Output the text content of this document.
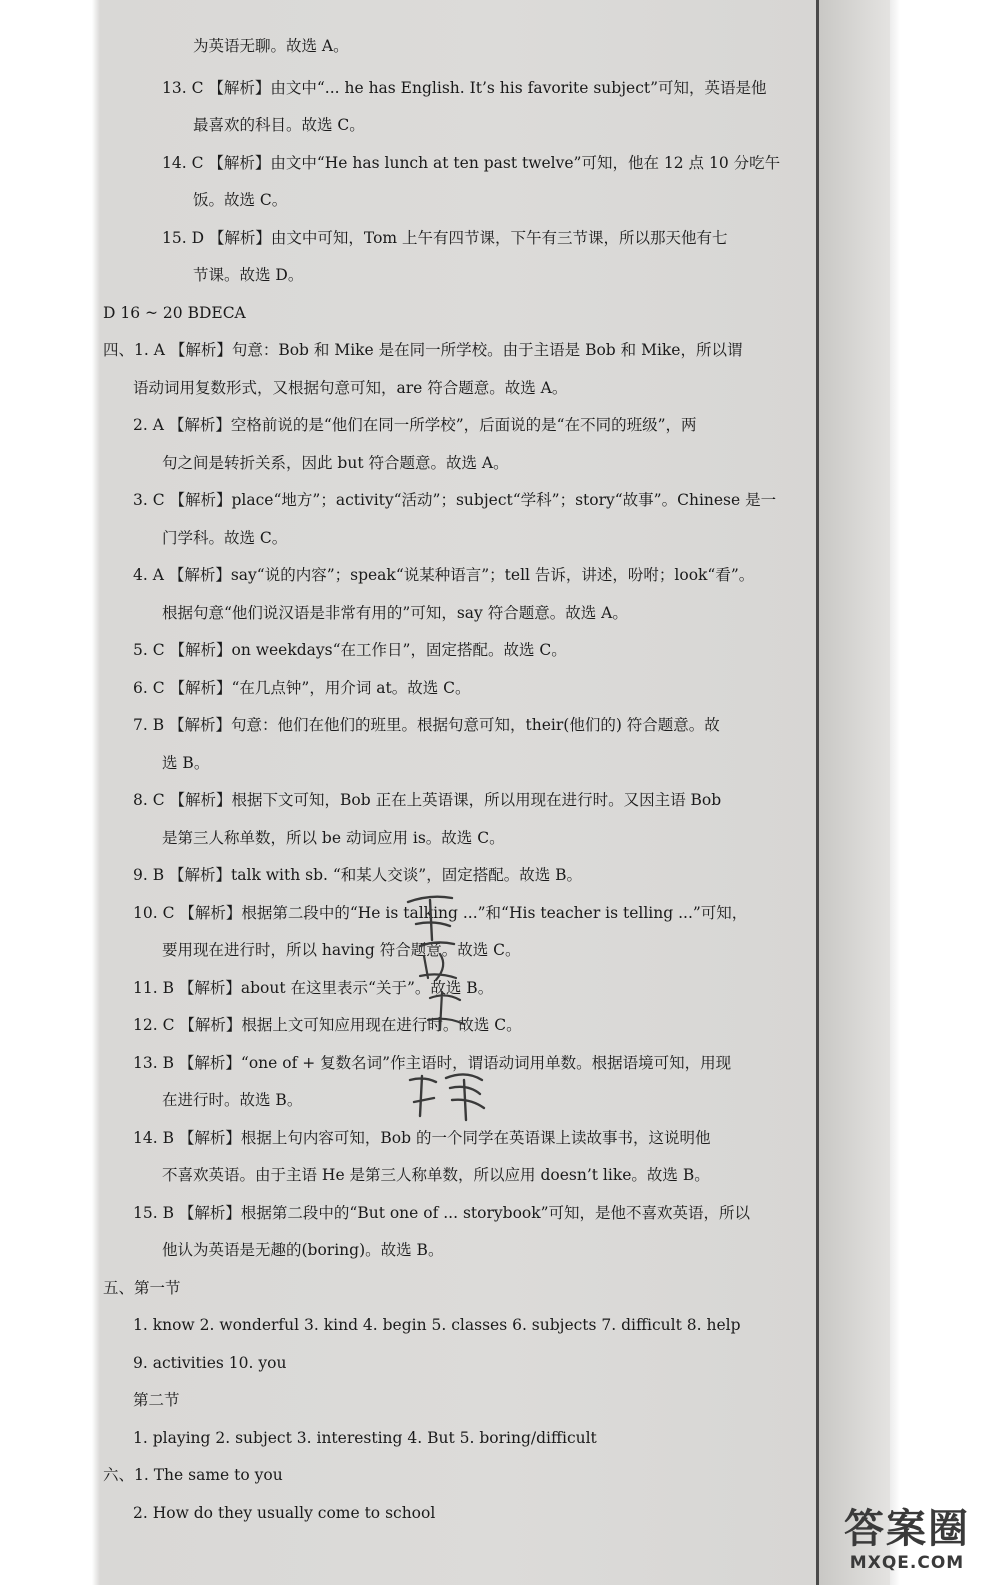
为英语无聊。故选 A。
13. C 【解析】由文中“... he has English. It’s his favorite subject”可知，英语是他
最喜欢的科目。故选 C。
14. C 【解析】由文中“He has lunch at ten past twelve”可知，他在 12 点 10 分吃午
饭。故选 C。
15. D 【解析】由文中可知，Tom 上午有四节课，下午有三节课，所以那天他有七
节课。故选 D。
D 16 ~ 20 BDECA
四、1. A 【解析】句意：Bob 和 Mike 是在同一所学校。由于主语是 Bob 和 Mike，所以谓
语动词用复数形式，又根据句意可知，are 符合题意。故选 A。
2. A 【解析】空格前说的是“他们在同一所学校”，后面说的是“在不同的班级”，两
句之间是转折关系，因此 but 符合题意。故选 A。
3. C 【解析】place“地方”；activity“活动”；subject“学科”；story“故事”。Chinese 是一
门学科。故选 C。
4. A 【解析】say“说的内容”；speak“说某种语言”；tell 告诉，讲述，吩咐；look“看”。
根据句意“他们说汉语是非常有用的”可知，say 符合题意。故选 A。
5. C 【解析】on weekdays“在工作日”，固定搭配。故选 C。
6. C 【解析】“在几点钟”，用介词 at。故选 C。
7. B 【解析】句意：他们在他们的班里。根据句意可知，their(他们的) 符合题意。故
选 B。
8. C 【解析】根据下文可知，Bob 正在上英语课，所以用现在进行时。又因主语 Bob
是第三人称单数，所以 be 动词应用 is。故选 C。
9. B 【解析】talk with sb. “和某人交谈”，固定搭配。故选 B。
10. C 【解析】根据第二段中的“He is talking ...”和“His teacher is telling ...”可知，
要用现在进行时，所以 having 符合题意。故选 C。
11. B 【解析】about 在这里表示“关于”。故选 B。
12. C 【解析】根据上文可知应用现在进行时。故选 C。
13. B 【解析】“one of + 复数名词”作主语时，谓语动词用单数。根据语境可知，用现
在进行时。故选 B。
14. B 【解析】根据上句内容可知，Bob 的一个同学在英语课上读故事书，这说明他
不喜欢英语。由于主语 He 是第三人称单数，所以应用 doesn’t like。故选 B。
15. B 【解析】根据第二段中的“But one of ... storybook”可知，是他不喜欢英语，所以
他认为英语是无趣的(boring)。故选 B。
五、第一节
1. know 2. wonderful 3. kind 4. begin 5. classes 6. subjects 7. difficult 8. help
9. activities 10. you
第二节
1. playing 2. subject 3. interesting 4. But 5. boring/difficult
六、1. The same to you
2. How do they usually come to school	答案圈
MXQE.COM
